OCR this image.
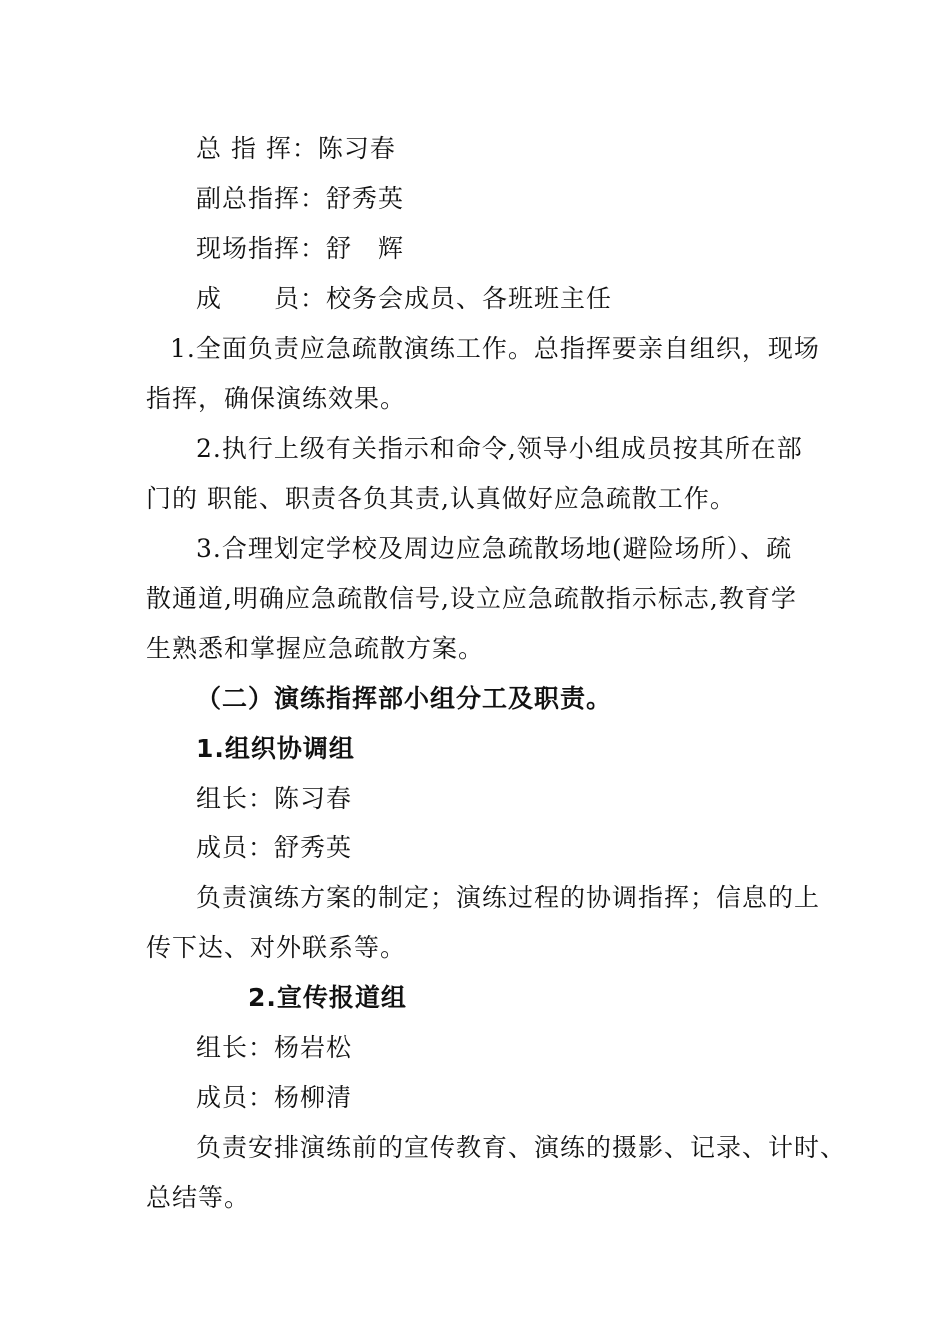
总 指 挥：陈习春
副总指挥：舒秀英
现场指挥：舒　辉
成　　员：校务会成员、各班班主任
1.全面负责应急疏散演练工作。总指挥要亲自组织，现场
指挥，确保演练效果。
2.执行上级有关指示和命令,领导小组成员按其所在部
门的 职能、职责各负其责,认真做好应急疏散工作。
3.合理划定学校及周边应急疏散场地(避险场所）、疏
散通道,明确应急疏散信号,设立应急疏散指示标志,教育学
生熟悉和掌握应急疏散方案。
（二）演练指挥部小组分工及职责。
1.组织协调组
组长：陈习春
成员：舒秀英
负责演练方案的制定；演练过程的协调指挥；信息的上
传下达、对外联系等。
2.宣传报道组
组长：杨岩松
成员：杨柳清
负责安排演练前的宣传教育、演练的摄影、记录、计时、
总结等。
